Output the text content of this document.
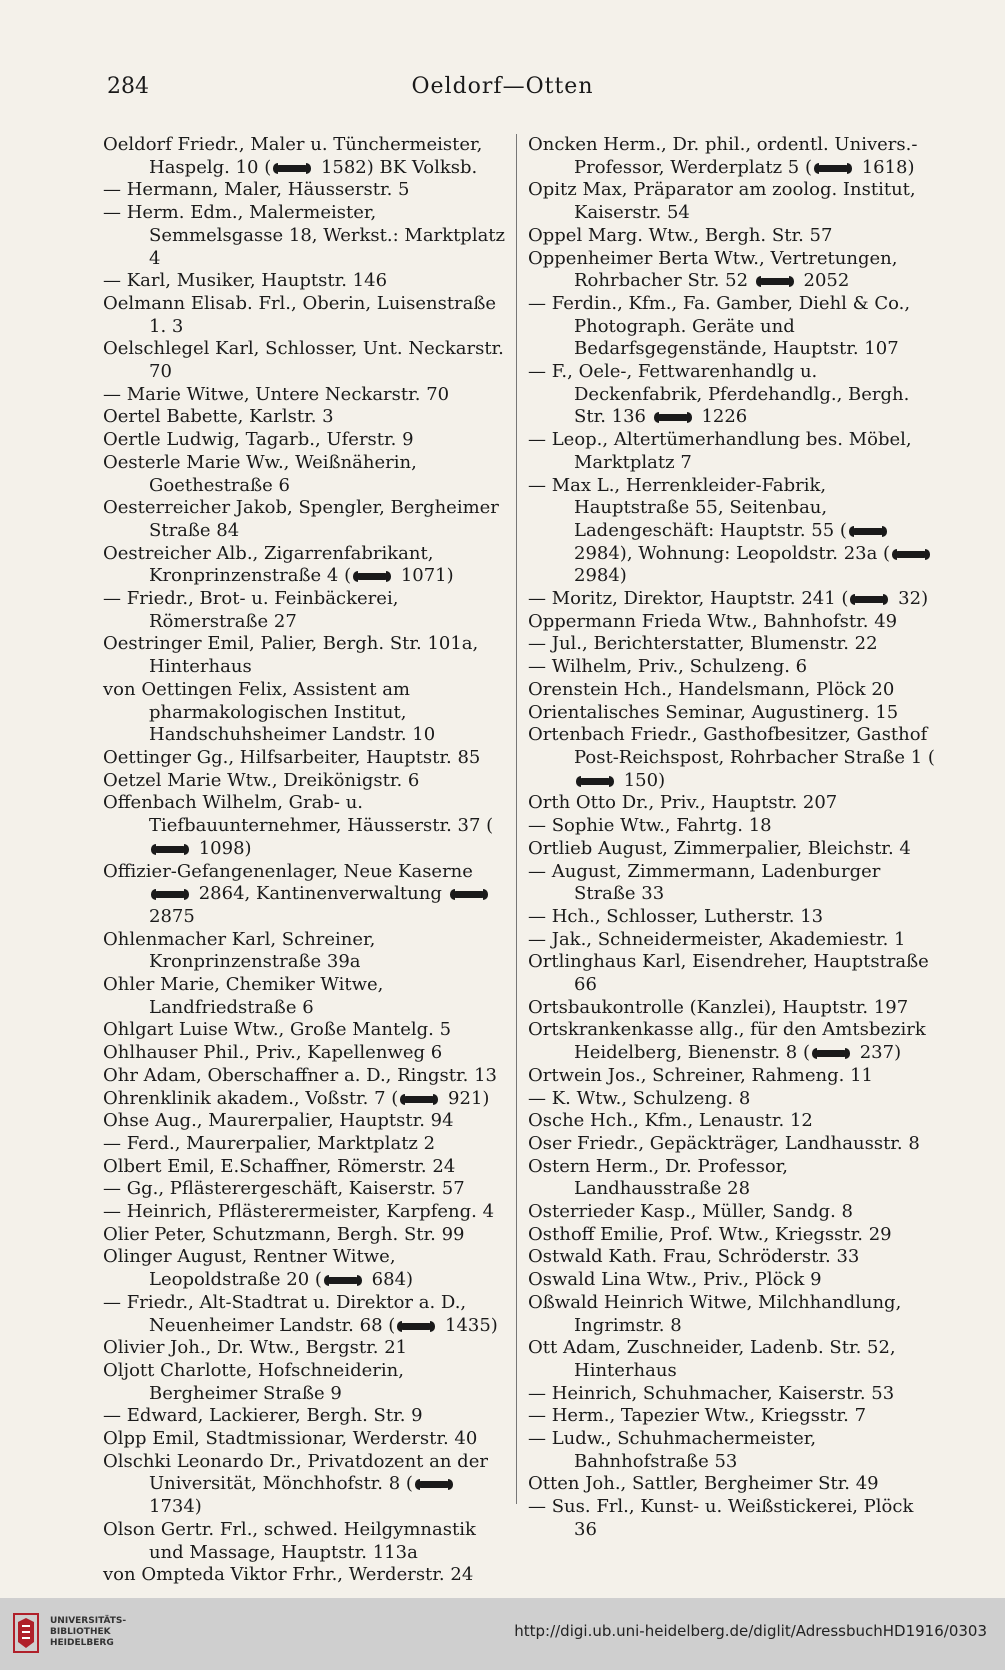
284	Oeldorf—Otten
Oeldorf Friedr., Maler u. Tünchermeister, Haspelg. 10 ( 1582) BK Volksb.
— Hermann, Maler, Häusserstr. 5
— Herm. Edm., Malermeister, Semmelsgasse 18, Werkst.: Marktplatz 4
— Karl, Musiker, Hauptstr. 146
Oelmann Elisab. Frl., Oberin, Luisenstraße 1. 3
Oelschlegel Karl, Schlosser, Unt. Neckarstr. 70
— Marie Witwe, Untere Neckarstr. 70
Oertel Babette, Karlstr. 3
Oertle Ludwig, Tagarb., Uferstr. 9
Oesterle Marie Ww., Weißnäherin, Goethestraße 6
Oesterreicher Jakob, Spengler, Bergheimer Straße 84
Oestreicher Alb., Zigarrenfabrikant, Kronprinzenstraße 4 ( 1071)
— Friedr., Brot- u. Feinbäckerei, Römerstraße 27
Oestringer Emil, Palier, Bergh. Str. 101a, Hinterhaus
von Oettingen Felix, Assistent am pharmakologischen Institut, Handschuhsheimer Landstr. 10
Oettinger Gg., Hilfsarbeiter, Hauptstr. 85
Oetzel Marie Wtw., Dreikönigstr. 6
Offenbach Wilhelm, Grab- u. Tiefbauunternehmer, Häusserstr. 37 ( 1098)
Offizier-Gefangenenlager, Neue Kaserne  2864, Kantinenverwaltung  2875
Ohlenmacher Karl, Schreiner, Kronprinzenstraße 39a
Ohler Marie, Chemiker Witwe, Landfriedstraße 6
Ohlgart Luise Wtw., Große Mantelg. 5
Ohlhauser Phil., Priv., Kapellenweg 6
Ohr Adam, Oberschaffner a. D., Ringstr. 13
Ohrenklinik akadem., Voßstr. 7 ( 921)
Ohse Aug., Maurerpalier, Hauptstr. 94
— Ferd., Maurerpalier, Marktplatz 2
Olbert Emil, E.Schaffner, Römerstr. 24
— Gg., Pflästerergeschäft, Kaiserstr. 57
— Heinrich, Pflästerermeister, Karpfeng. 4
Olier Peter, Schutzmann, Bergh. Str. 99
Olinger August, Rentner Witwe, Leopoldstraße 20 ( 684)
— Friedr., Alt-Stadtrat u. Direktor a. D., Neuenheimer Landstr. 68 ( 1435)
Olivier Joh., Dr. Wtw., Bergstr. 21
Oljott Charlotte, Hofschneiderin, Bergheimer Straße 9
— Edward, Lackierer, Bergh. Str. 9
Olpp Emil, Stadtmissionar, Werderstr. 40
Olschki Leonardo Dr., Privatdozent an der Universität, Mönchhofstr. 8 ( 1734)
Olson Gertr. Frl., schwed. Heilgymnastik und Massage, Hauptstr. 113a
von Ompteda Viktor Frhr., Werderstr. 24
Oncken Herm., Dr. phil., ordentl. Univers.-Professor, Werderplatz 5 ( 1618)
Opitz Max, Präparator am zoolog. Institut, Kaiserstr. 54
Oppel Marg. Wtw., Bergh. Str. 57
Oppenheimer Berta Wtw., Vertretungen, Rohrbacher Str. 52  2052
— Ferdin., Kfm., Fa. Gamber, Diehl & Co., Photograph. Geräte und Bedarfsgegenstände, Hauptstr. 107
— F., Oele-, Fettwarenhandlg u. Deckenfabrik, Pferdehandlg., Bergh. Str. 136  1226
— Leop., Altertümerhandlung bes. Möbel, Marktplatz 7
— Max L., Herrenkleider-Fabrik, Hauptstraße 55, Seitenbau, Ladengeschäft: Hauptstr. 55 ( 2984), Wohnung: Leopoldstr. 23a ( 2984)
— Moritz, Direktor, Hauptstr. 241 ( 32)
Oppermann Frieda Wtw., Bahnhofstr. 49
— Jul., Berichterstatter, Blumenstr. 22
— Wilhelm, Priv., Schulzeng. 6
Orenstein Hch., Handelsmann, Plöck 20
Orientalisches Seminar, Augustinerg. 15
Ortenbach Friedr., Gasthofbesitzer, Gasthof Post-Reichspost, Rohrbacher Straße 1 ( 150)
Orth Otto Dr., Priv., Hauptstr. 207
— Sophie Wtw., Fahrtg. 18
Ortlieb August, Zimmerpalier, Bleichstr. 4
— August, Zimmermann, Ladenburger Straße 33
— Hch., Schlosser, Lutherstr. 13
— Jak., Schneidermeister, Akademiestr. 1
Ortlinghaus Karl, Eisendreher, Hauptstraße 66
Ortsbaukontrolle (Kanzlei), Hauptstr. 197
Ortskrankenkasse allg., für den Amtsbezirk Heidelberg, Bienenstr. 8 ( 237)
Ortwein Jos., Schreiner, Rahmeng. 11
— K. Wtw., Schulzeng. 8
Osche Hch., Kfm., Lenaustr. 12
Oser Friedr., Gepäckträger, Landhausstr. 8
Ostern Herm., Dr. Professor, Landhausstraße 28
Osterrieder Kasp., Müller, Sandg. 8
Osthoff Emilie, Prof. Wtw., Kriegsstr. 29
Ostwald Kath. Frau, Schröderstr. 33
Oswald Lina Wtw., Priv., Plöck 9
Oßwald Heinrich Witwe, Milchhandlung, Ingrimstr. 8
Ott Adam, Zuschneider, Ladenb. Str. 52, Hinterhaus
— Heinrich, Schuhmacher, Kaiserstr. 53
— Herm., Tapezier Wtw., Kriegsstr. 7
— Ludw., Schuhmachermeister, Bahnhofstraße 53
Otten Joh., Sattler, Bergheimer Str. 49
— Sus. Frl., Kunst- u. Weißstickerei, Plöck 36
UNIVERSITÄTS-
BIBLIOTHEK
HEIDELBERG
http://digi.ub.uni-heidelberg.de/diglit/AdressbuchHD1916/0303
